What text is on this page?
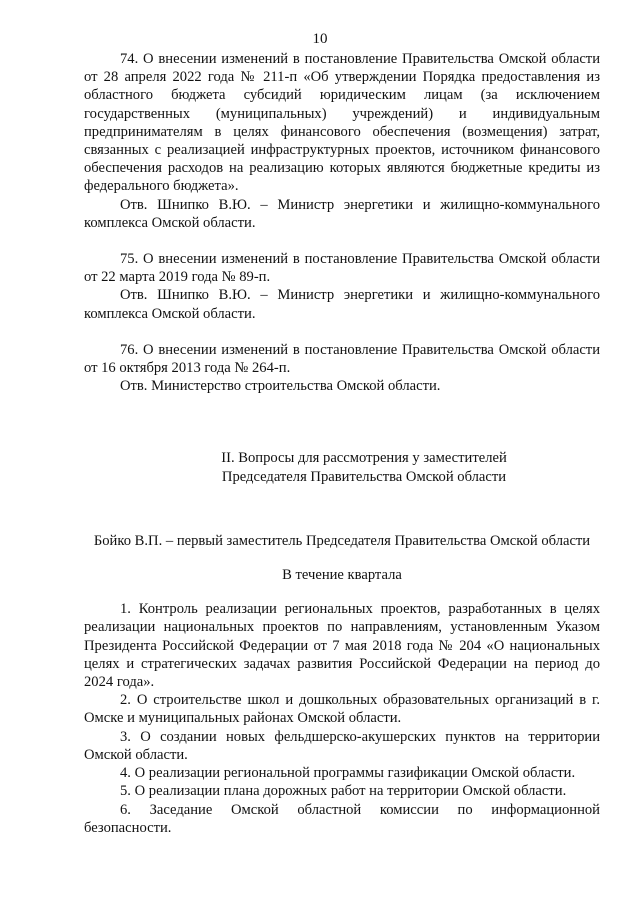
10

74. О внесении изменений в постановление Правительства Омской области от 28 апреля 2022 года № 211-п «Об утверждении Порядка предоставления из областного бюджета субсидий юридическим лицам (за исключением государственных (муниципальных) учреждений) и индивидуальным предпринимателям в целях финансового обеспечения (возмещения) затрат, связанных с реализацией инфраструктурных проектов, источником финансового обеспечения расходов на реализацию которых являются бюджетные кредиты из федерального бюджета».

Отв. Шнипко В.Ю. – Министр энергетики и жилищно-коммунального комплекса Омской области.

75. О внесении изменений в постановление Правительства Омской области от 22 марта 2019 года № 89-п.

Отв. Шнипко В.Ю. – Министр энергетики и жилищно-коммунального комплекса Омской области.

76. О внесении изменений в постановление Правительства Омской области от 16 октября 2013 года № 264-п.

Отв. Министерство строительства Омской области.

II. Вопросы для рассмотрения у заместителей

Председателя Правительства Омской области

Бойко В.П. – первый заместитель Председателя Правительства Омской области

В течение квартала

1. Контроль реализации региональных проектов, разработанных в целях реализации национальных проектов по направлениям, установленным Указом Президента Российской Федерации от 7 мая 2018 года № 204 «О национальных целях и стратегических задачах развития Российской Федерации на период до 2024 года».

2. О строительстве школ и дошкольных образовательных организаций в г. Омске и муниципальных районах Омской области.

3. О создании новых фельдшерско-акушерских пунктов на территории Омской области.

4. О реализации региональной программы газификации Омской области.

5. О реализации плана дорожных работ на территории Омской области.

6. Заседание Омской областной комиссии по информационной безопасности.
